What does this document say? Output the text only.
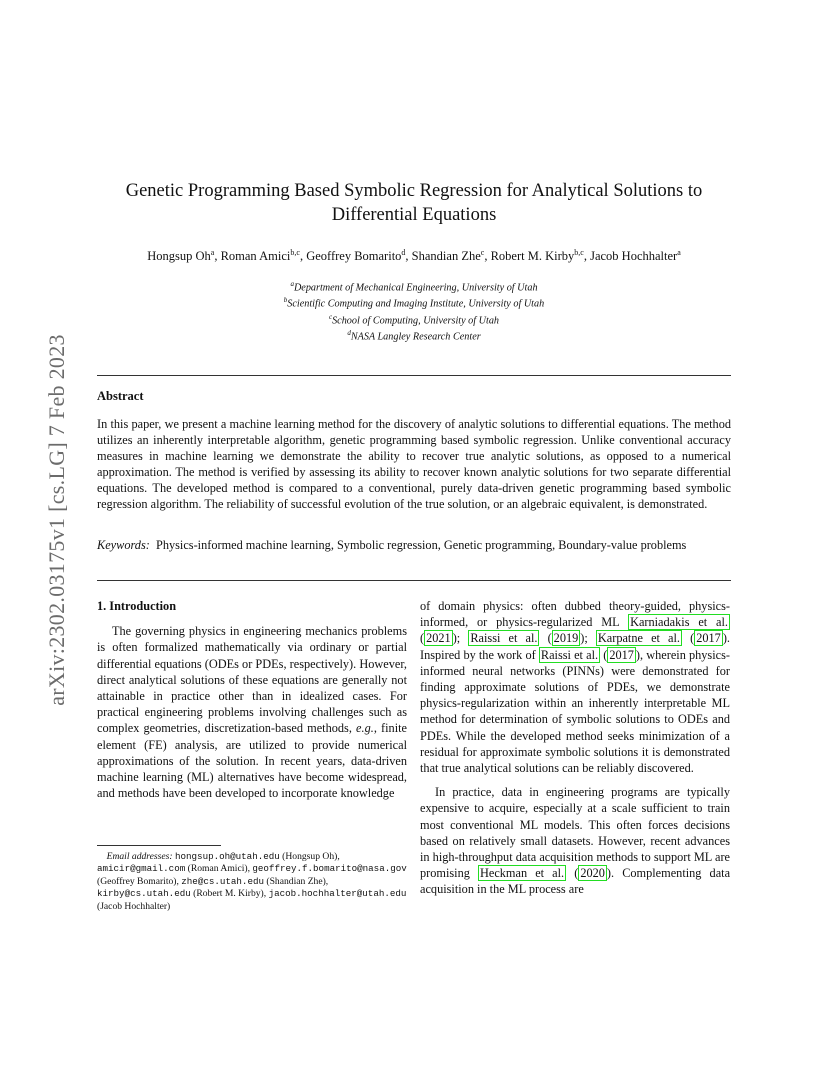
arXiv:2302.03175v1 [cs.LG] 7 Feb 2023
Genetic Programming Based Symbolic Regression for Analytical Solutions to Differential Equations
Hongsup Oh$^a$, Roman Amici$^{b,c}$, Geoffrey Bomarito$^d$, Shandian Zhe$^c$, Robert M. Kirby$^{b,c}$, Jacob Hochhalter$^a$
$^a$Department of Mechanical Engineering, University of Utah
$^b$Scientific Computing and Imaging Institute, University of Utah
$^c$School of Computing, University of Utah
$^d$NASA Langley Research Center
Abstract

In this paper, we present a machine learning method for the discovery of analytic solutions to differential equations. The method utilizes an inherently interpretable algorithm, genetic programming based symbolic regression. Unlike conventional accuracy measures in machine learning we demonstrate the ability to recover true analytic solutions, as opposed to a numerical approximation. The method is verified by assessing its ability to recover known analytic solutions for two separate differential equations. The developed method is compared to a conventional, purely data-driven genetic programming based symbolic regression algorithm. The reliability of successful evolution of the true solution, or an algebraic equivalent, is demonstrated.

Keywords: Physics-informed machine learning, Symbolic regression, Genetic programming, Boundary-value problems

1. Introduction

The governing physics in engineering mechanics problems is often formalized mathematically via ordinary or partial differential equations (ODEs or PDEs, respectively). However, direct analytical solutions of these equations are generally not attainable in practice other than in idealized cases. For practical engineering problems involving challenges such as complex geometries, discretization-based methods, e.g., finite element (FE) analysis, are utilized to provide numerical approximations of the solution. In recent years, data-driven machine learning (ML) alternatives have become widespread, and methods have been developed to incorporate knowledge

of domain physics: often dubbed theory-guided, physics-informed, or physics-regularized ML Karniadakis et al. ( 2021 ); Raissi et al. ( 2019 ); Karpatne et al. ( 2017 ). Inspired by the work of Raissi et al. ( 2017 ), wherein physics-informed neural networks (PINNs) were demonstrated for finding approximate solutions of PDEs, we demonstrate physics-regularization within an inherently interpretable ML method for determination of symbolic solutions to ODEs and PDEs. While the developed method seeks minimization of a residual for approximate symbolic solutions it is demonstrated that true analytical solutions can be reliably discovered.

In practice, data in engineering programs are typically expensive to acquire, especially at a scale sufficient to train most conventional ML models. This often forces decisions based on relatively small datasets. However, recent advances in high-throughput data acquisition methods to support ML are promising Heckman et al. ( 2020 ). Complementing data acquisition in the ML process are

Email addresses: hongsup.oh@utah.edu (Hongsup Oh), amicir@gmail.com (Roman Amici), geoffrey.f.bomarito@nasa.gov (Geoffrey Bomarito), zhe@cs.utah.edu (Shandian Zhe), kirby@cs.utah.edu (Robert M. Kirby), jacob.hochhalter@utah.edu (Jacob Hochhalter)
